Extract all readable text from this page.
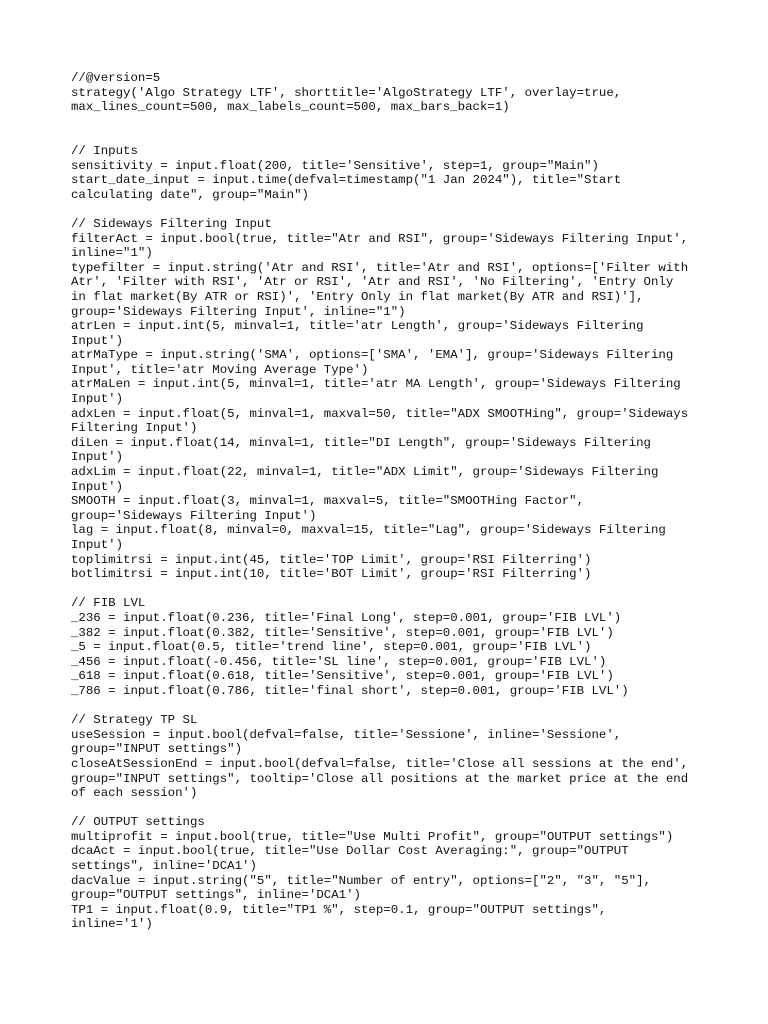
//@version=5
strategy('Algo Strategy LTF', shorttitle='AlgoStrategy LTF', overlay=true,
max_lines_count=500, max_labels_count=500, max_bars_back=1)
// Inputs
sensitivity = input.float(200, title='Sensitive', step=1, group="Main")
start_date_input = input.time(defval=timestamp("1 Jan 2024"), title="Start
calculating date", group="Main")
// Sideways Filtering Input
filterAct = input.bool(true, title="Atr and RSI", group='Sideways Filtering Input',
inline="1")
typefilter = input.string('Atr and RSI', title='Atr and RSI', options=['Filter with
Atr', 'Filter with RSI', 'Atr or RSI', 'Atr and RSI', 'No Filtering', 'Entry Only
in flat market(By ATR or RSI)', 'Entry Only in flat market(By ATR and RSI)'],
group='Sideways Filtering Input', inline="1")
atrLen = input.int(5, minval=1, title='atr Length', group='Sideways Filtering
Input')
atrMaType = input.string('SMA', options=['SMA', 'EMA'], group='Sideways Filtering
Input', title='atr Moving Average Type')
atrMaLen = input.int(5, minval=1, title='atr MA Length', group='Sideways Filtering
Input')
adxLen = input.float(5, minval=1, maxval=50, title="ADX SMOOTHing", group='Sideways
Filtering Input')
diLen = input.float(14, minval=1, title="DI Length", group='Sideways Filtering
Input')
adxLim = input.float(22, minval=1, title="ADX Limit", group='Sideways Filtering
Input')
SMOOTH = input.float(3, minval=1, maxval=5, title="SMOOTHing Factor",
group='Sideways Filtering Input')
lag = input.float(8, minval=0, maxval=15, title="Lag", group='Sideways Filtering
Input')
toplimitrsi = input.int(45, title='TOP Limit', group='RSI Filterring')
botlimitrsi = input.int(10, title='BOT Limit', group='RSI Filterring')
// FIB LVL
_236 = input.float(0.236, title='Final Long', step=0.001, group='FIB LVL')
_382 = input.float(0.382, title='Sensitive', step=0.001, group='FIB LVL')
_5 = input.float(0.5, title='trend line', step=0.001, group='FIB LVL')
_456 = input.float(-0.456, title='SL line', step=0.001, group='FIB LVL')
_618 = input.float(0.618, title='Sensitive', step=0.001, group='FIB LVL')
_786 = input.float(0.786, title='final short', step=0.001, group='FIB LVL')
// Strategy TP SL
useSession = input.bool(defval=false, title='Sessione', inline='Sessione',
group="INPUT settings")
closeAtSessionEnd = input.bool(defval=false, title='Close all sessions at the end',
group="INPUT settings", tooltip='Close all positions at the market price at the end
of each session')
// OUTPUT settings
multiprofit = input.bool(true, title="Use Multi Profit", group="OUTPUT settings")
dcaAct = input.bool(true, title="Use Dollar Cost Averaging:", group="OUTPUT
settings", inline='DCA1')
dacValue = input.string("5", title="Number of entry", options=["2", "3", "5"],
group="OUTPUT settings", inline='DCA1')
TP1 = input.float(0.9, title="TP1 %", step=0.1, group="OUTPUT settings",
inline='1')
